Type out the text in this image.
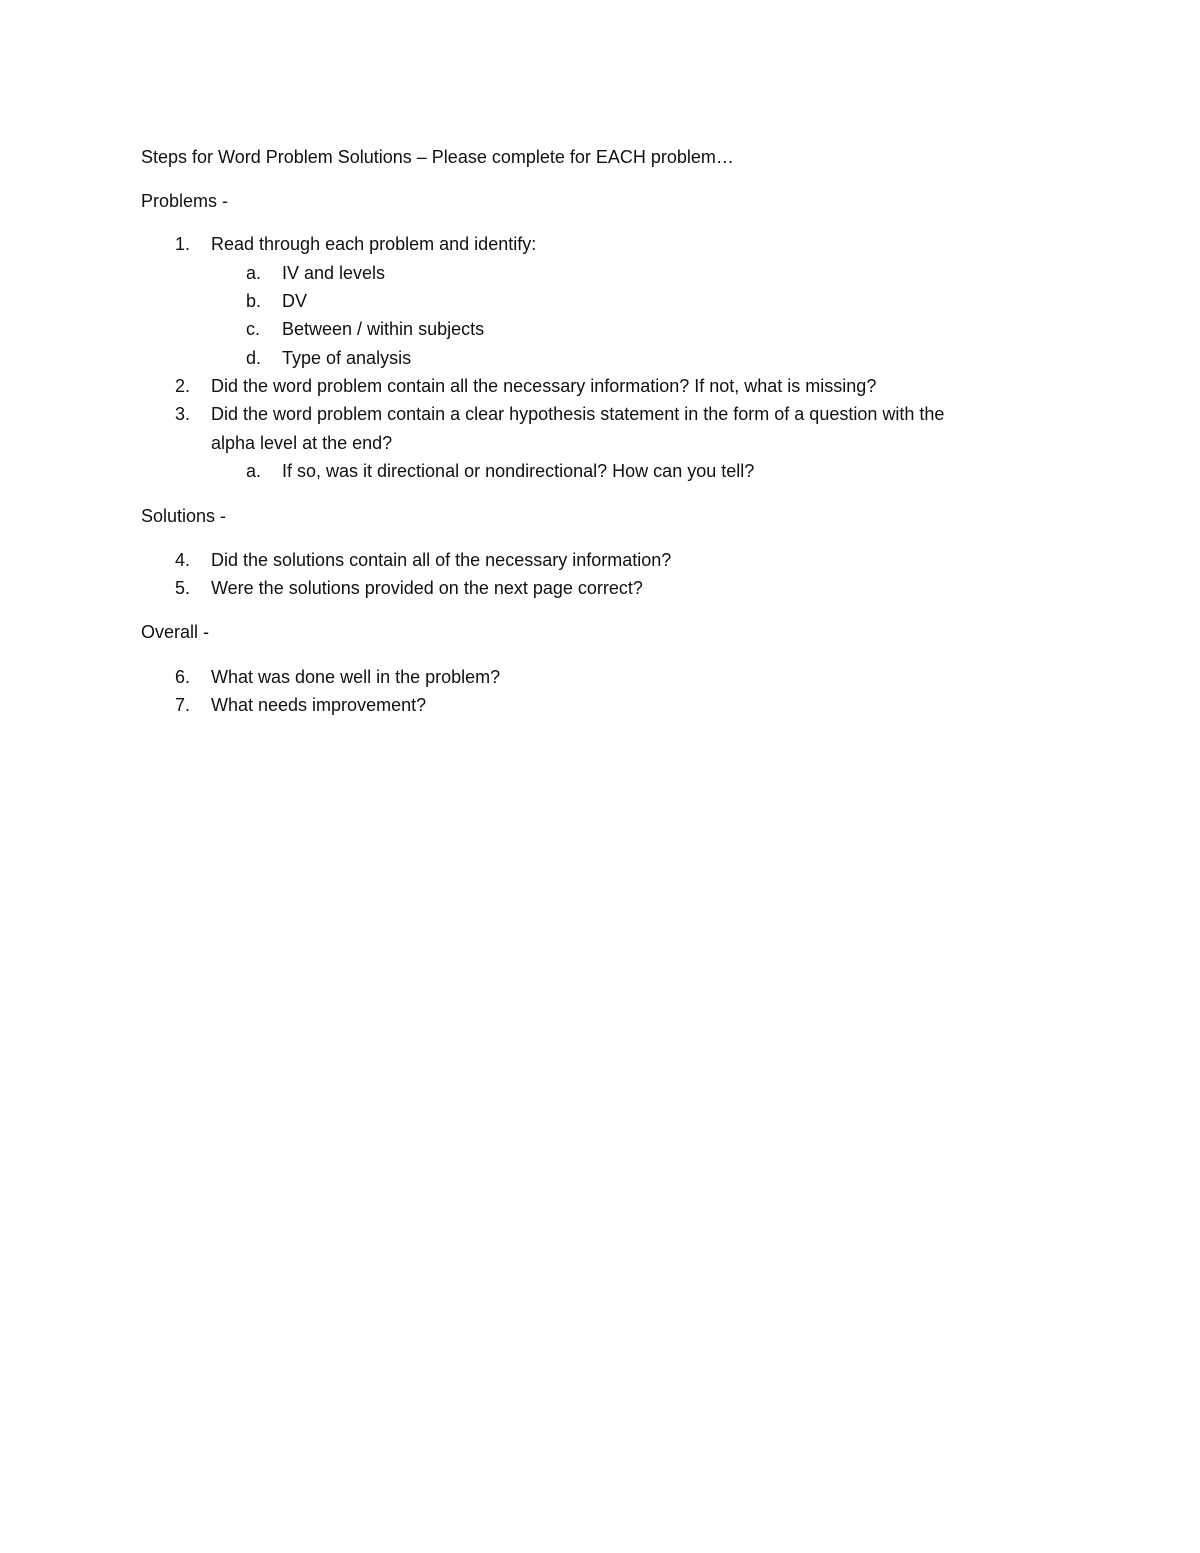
Steps for Word Problem Solutions – Please complete for EACH problem…
Problems -
1. Read through each problem and identify:
a. IV and levels
b. DV
c. Between / within subjects
d. Type of analysis
2. Did the word problem contain all the necessary information? If not, what is missing?
3. Did the word problem contain a clear hypothesis statement in the form of a question with the
alpha level at the end?
a. If so, was it directional or nondirectional? How can you tell?
Solutions -
4. Did the solutions contain all of the necessary information?
5. Were the solutions provided on the next page correct?
Overall -
6. What was done well in the problem?
7. What needs improvement?
